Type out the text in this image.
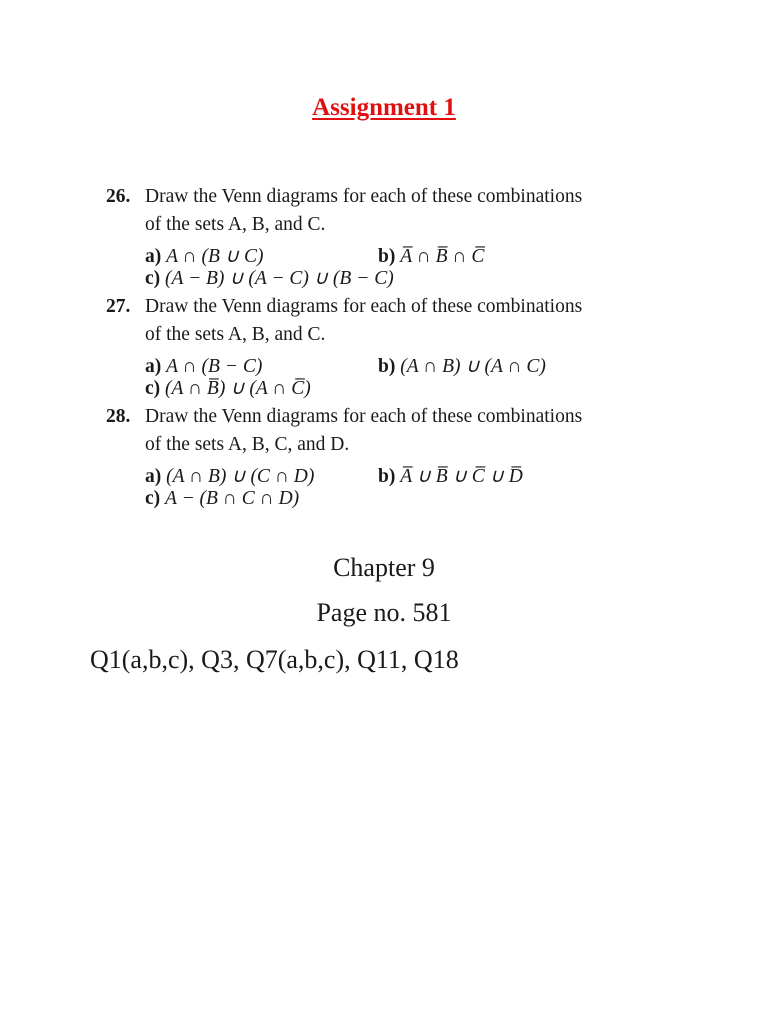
Assignment 1
26. Draw the Venn diagrams for each of these combinations
of the sets A, B, and C.
a) A ∩ (B ∪ C)	b) A̅ ∩ B̅ ∩ C̅
c) (A − B) ∪ (A − C) ∪ (B − C)
27. Draw the Venn diagrams for each of these combinations
of the sets A, B, and C.
a) A ∩ (B − C)	b) (A ∩ B) ∪ (A ∩ C)
c) (A ∩ B̅) ∪ (A ∩ C̅)
28. Draw the Venn diagrams for each of these combinations
of the sets A, B, C, and D.
a) (A ∩ B) ∪ (C ∩ D)	b) A̅ ∪ B̅ ∪ C̅ ∪ D̅
c) A − (B ∩ C ∩ D)
Chapter 9
Page no. 581
Q1(a,b,c), Q3, Q7(a,b,c), Q11, Q18
